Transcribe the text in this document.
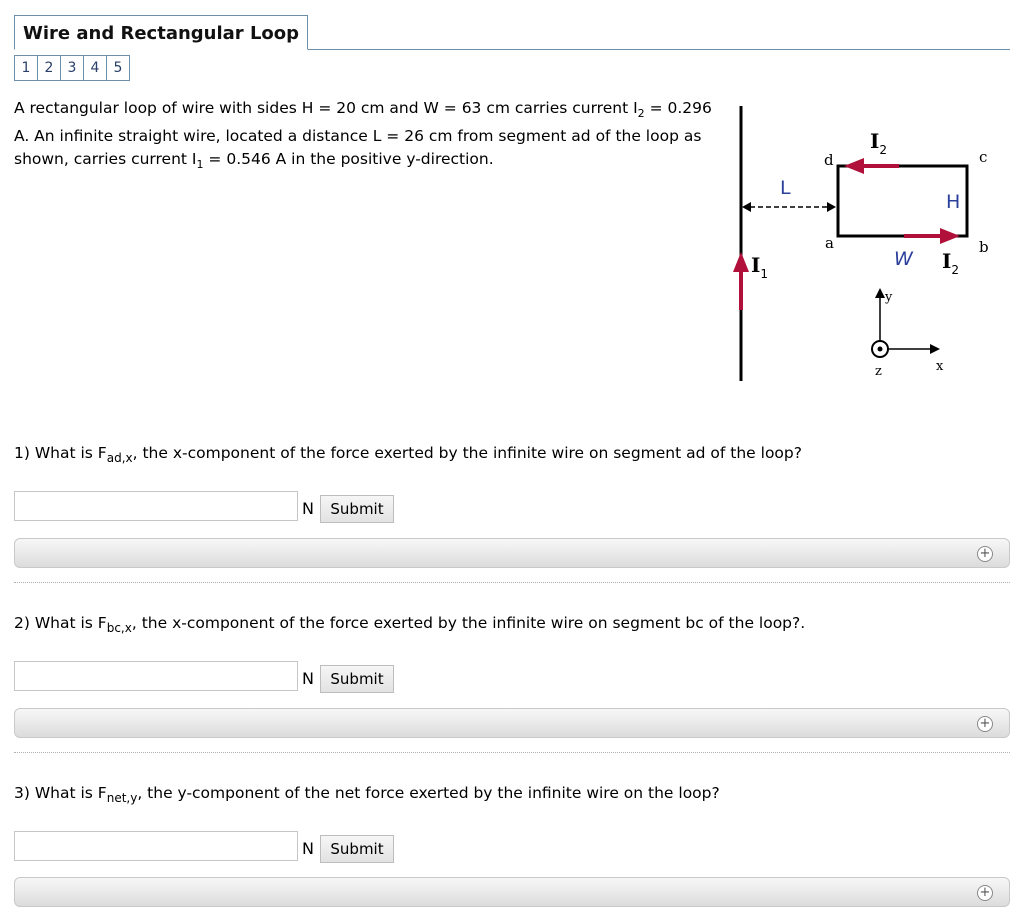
Wire and Rectangular Loop
1	2	3	4	5
A rectangular loop of wire with sides H = 20 cm and W = 63 cm carries current $I_2 = 0.296$ A. An infinite straight wire, located a distance L = 26 cm from segment ad of the loop as shown, carries current $I_1 = 0.546$ A in the positive y-direction.
$I_1$
$I_2$
$I_2$
d
a
c
b
L
H
W
y
x
z
1) What is $F_{ad,x}$, the x-component of the force exerted by the infinite wire on segment ad of the loop?
N	Submit
+
2) What is $F_{bc,x}$, the x-component of the force exerted by the infinite wire on segment bc of the loop?.
N	Submit
+
3) What is $F_{net,y}$, the y-component of the net force exerted by the infinite wire on the loop?
N	Submit
+
